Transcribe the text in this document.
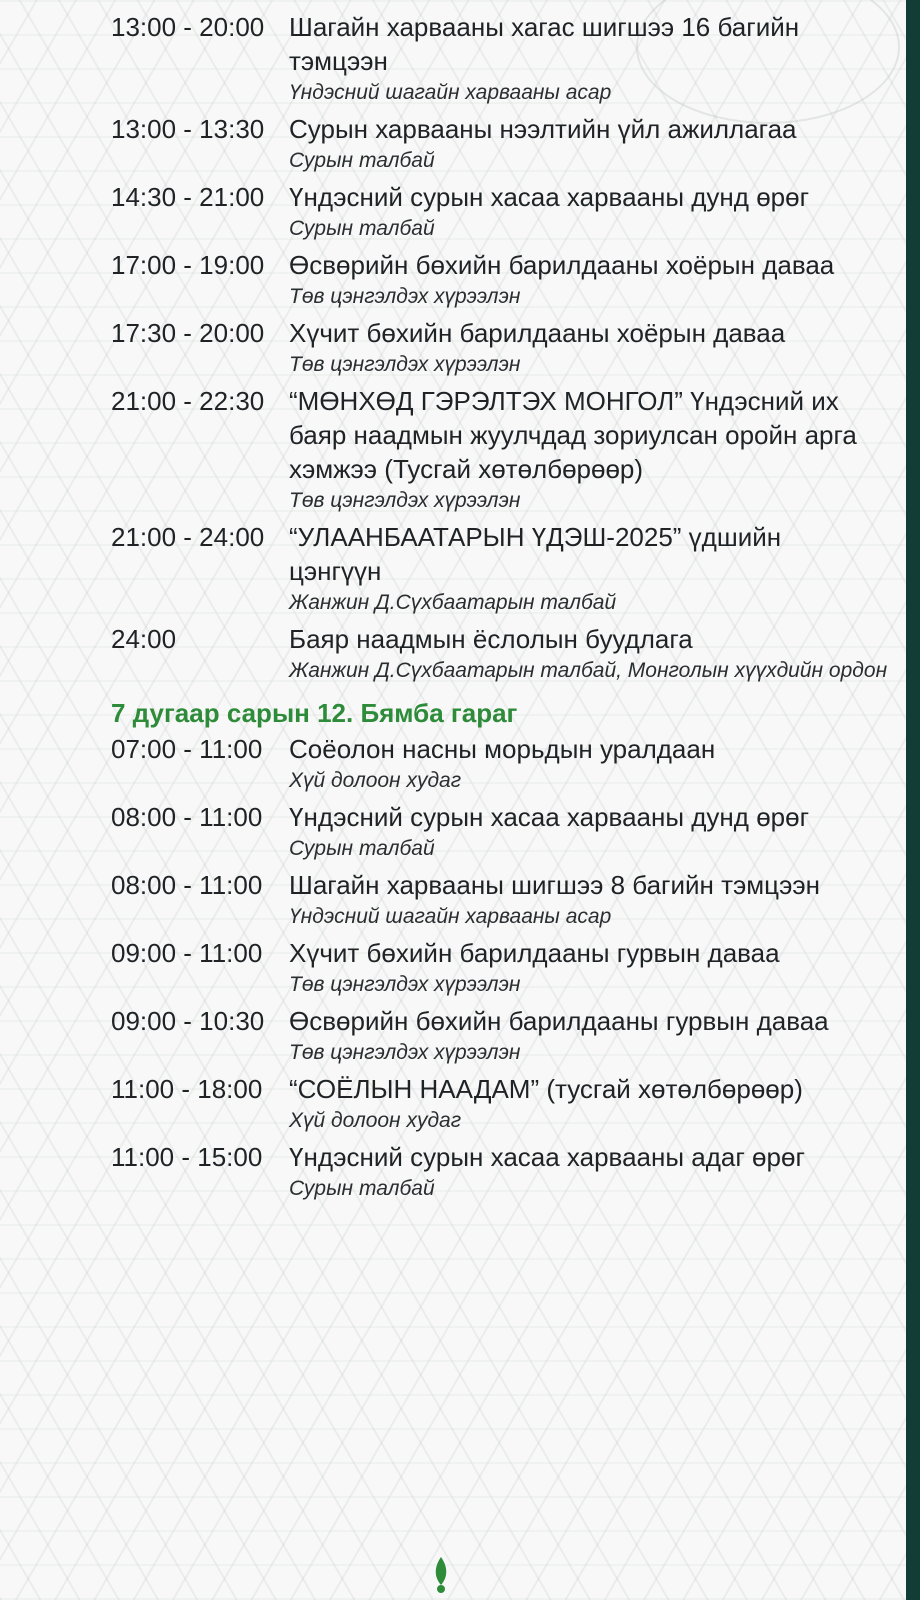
13:00 - 20:00 Шагайн харвааны хагас шигшээ 16 багийн тэмцээн
Үндэсний шагайн харвааны асар
13:00 - 13:30 Сурын харвааны нээлтийн үйл ажиллагаа
Сурын талбай
14:30 - 21:00 Үндэсний сурын хасаа харвааны дунд өрөг
Сурын талбай
17:00 - 19:00 Өсвөрийн бөхийн барилдааны хоёрын даваа
Төв цэнгэлдэх хүрээлэн
17:30 - 20:00 Хүчит бөхийн барилдааны хоёрын даваа
Төв цэнгэлдэх хүрээлэн
21:00 - 22:30 “МӨНХӨД ГЭРЭЛТЭХ МОНГОЛ” Үндэсний их баяр наадмын жуулчдад зориулсан оройн арга хэмжээ (Тусгай хөтөлбөрөөр)
Төв цэнгэлдэх хүрээлэн
21:00 - 24:00 “УЛААНБААТАРЫН ҮДЭШ-2025” үдшийн цэнгүүн
Жанжин Д.Сүхбаатарын талбай
24:00	Баяр наадмын ёслолын буудлага
Жанжин Д.Сүхбаатарын талбай, Монголын хүүхдийн ордон
7 дугаар сарын 12. Бямба гараг
07:00 - 11:00	Соёолон насны морьдын уралдаан
Хүй долоон худаг
08:00 - 11:00	Үндэсний сурын хасаа харвааны дунд өрөг
Сурын талбай
08:00 - 11:00	Шагайн харвааны шигшээ 8 багийн тэмцээн
Үндэсний шагайн харвааны асар
09:00 - 11:00	Хүчит бөхийн барилдааны гурвын даваа
Төв цэнгэлдэх хүрээлэн
09:00 - 10:30 Өсвөрийн бөхийн барилдааны гурвын даваа
Төв цэнгэлдэх хүрээлэн
11:00 - 18:00	“СОЁЛЫН НААДАМ” (тусгай хөтөлбөрөөр)
Хүй долоон худаг
11:00 - 15:00	Үндэсний сурын хасаа харвааны адаг өрөг
Сурын талбай
